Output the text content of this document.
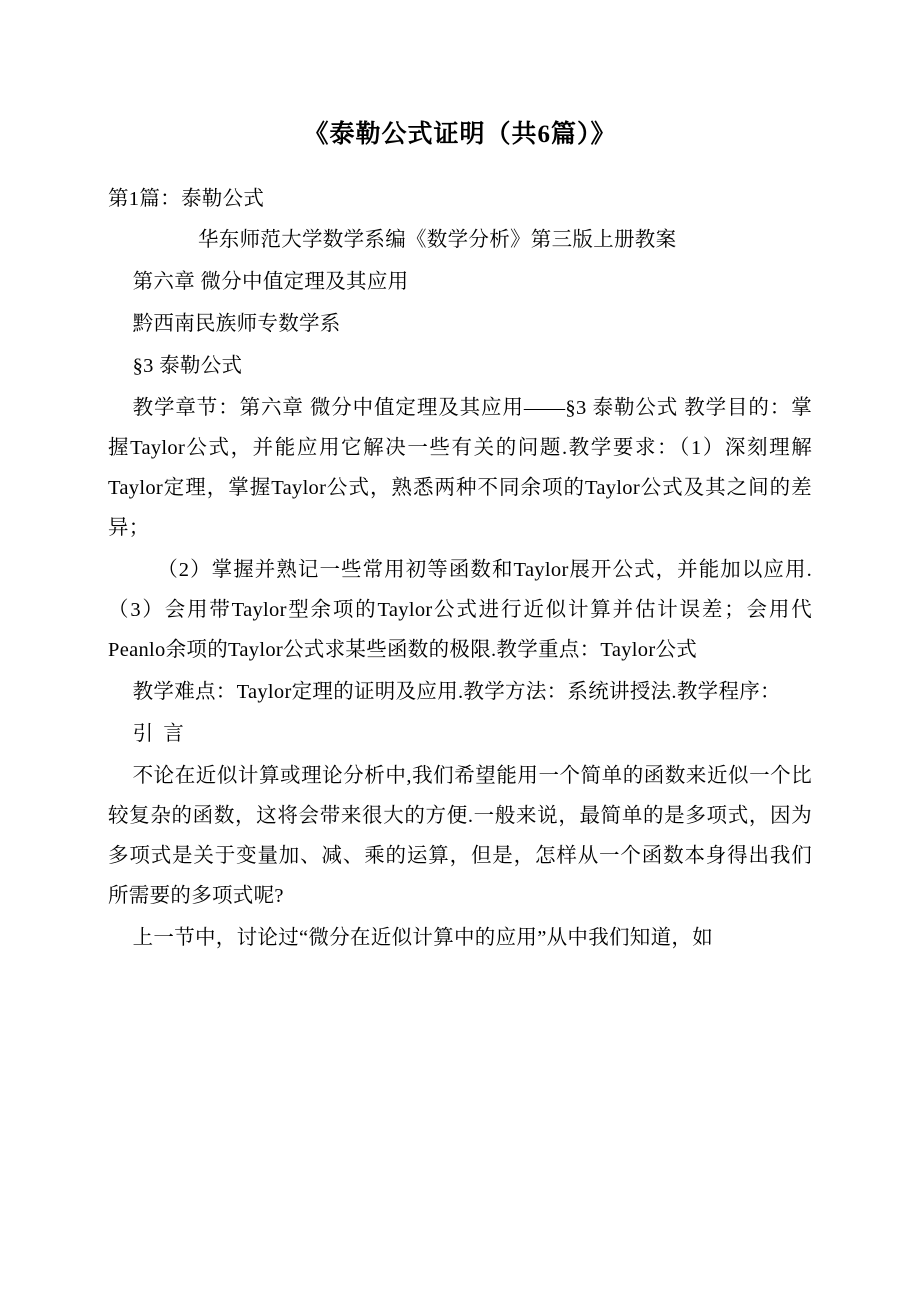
《泰勒公式证明（共6篇）》

第1篇：泰勒公式

华东师范大学数学系编《数学分析》第三版上册教案

第六章 微分中值定理及其应用

黔西南民族师专数学系

§3 泰勒公式

教学章节：第六章 微分中值定理及其应用——§3 泰勒公式 教学目的：掌握Taylor公式，并能应用它解决一些有关的问题.教学要求：（1）深刻理解Taylor定理，掌握Taylor公式，熟悉两种不同余项的Taylor公式及其之间的差异；

（2）掌握并熟记一些常用初等函数和Taylor展开公式，并能加以应用.（3）会用带Taylor型余项的Taylor公式进行近似计算并估计误差；会用代Peanlo余项的Taylor公式求某些函数的极限.教学重点：Taylor公式

教学难点：Taylor定理的证明及应用.教学方法：系统讲授法.教学程序：

引 言

不论在近似计算或理论分析中,我们希望能用一个简单的函数来近似一个比较复杂的函数，这将会带来很大的方便.一般来说，最简单的是多项式，因为多项式是关于变量加、减、乘的运算，但是，怎样从一个函数本身得出我们所需要的多项式呢?

上一节中，讨论过“微分在近似计算中的应用”从中我们知道，如
